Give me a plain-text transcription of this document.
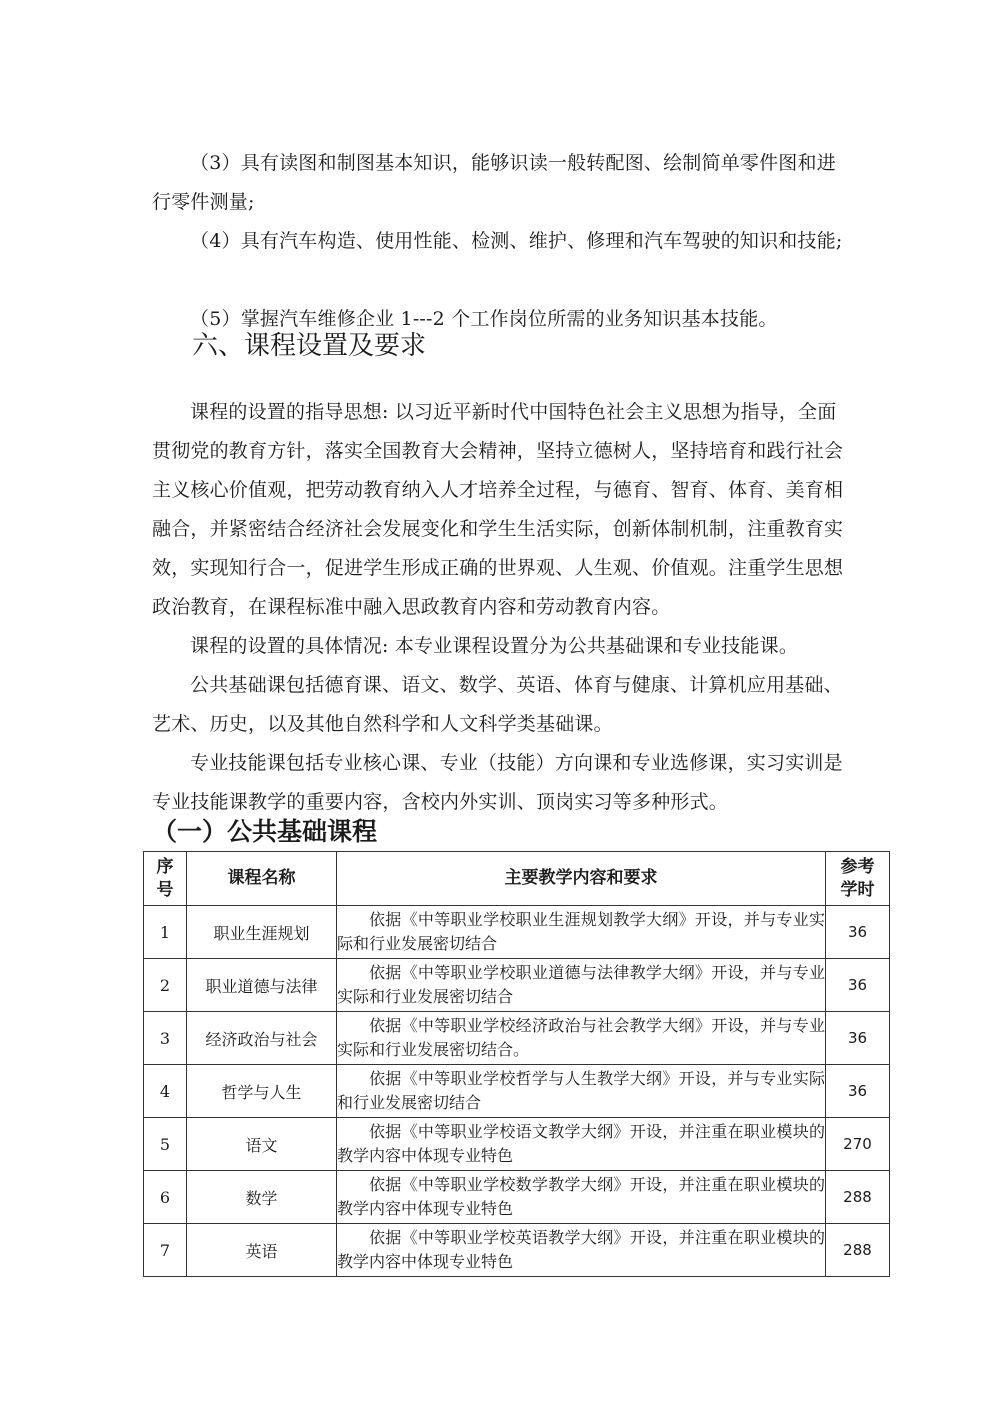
（3）具有读图和制图基本知识，能够识读一般转配图、绘制简单零件图和进行零件测量;

（4）具有汽车构造、使用性能、检测、维护、修理和汽车驾驶的知识和技能;

（5）掌握汽车维修企业 1---2 个工作岗位所需的业务知识基本技能。

六、课程设置及要求

课程的设置的指导思想: 以习近平新时代中国特色社会主义思想为指导，全面贯彻党的教育方针，落实全国教育大会精神，坚持立德树人，坚持培育和践行社会主义核心价值观，把劳动教育纳入人才培养全过程，与德育、智育、体育、美育相融合，并紧密结合经济社会发展变化和学生生活实际，创新体制机制，注重教育实效，实现知行合一，促进学生形成正确的世界观、人生观、价值观。注重学生思想政治教育，在课程标准中融入思政教育内容和劳动教育内容。

课程的设置的具体情况: 本专业课程设置分为公共基础课和专业技能课。

公共基础课包括德育课、语文、数学、英语、体育与健康、计算机应用基础、艺术、历史，以及其他自然科学和人文科学类基础课。

专业技能课包括专业核心课、专业（技能）方向课和专业选修课，实习实训是专业技能课教学的重要内容，含校内外实训、顶岗实习等多种形式。

（一）公共基础课程
序号	课程名称	主要教学内容和要求	参考学时
1	职业生涯规划	依据《中等职业学校职业生涯规划教学大纲》开设，并与专业实际和行业发展密切结合	36
2	职业道德与法律	依据《中等职业学校职业道德与法律教学大纲》开设，并与专业实际和行业发展密切结合	36
3	经济政治与社会	依据《中等职业学校经济政治与社会教学大纲》开设，并与专业实际和行业发展密切结合。	36
4	哲学与人生	依据《中等职业学校哲学与人生教学大纲》开设，并与专业实际和行业发展密切结合	36
5	语文	依据《中等职业学校语文教学大纲》开设，并注重在职业模块的教学内容中体现专业特色	270
6	数学	依据《中等职业学校数学教学大纲》开设，并注重在职业模块的教学内容中体现专业特色	288
7	英语	依据《中等职业学校英语教学大纲》开设，并注重在职业模块的教学内容中体现专业特色	288
